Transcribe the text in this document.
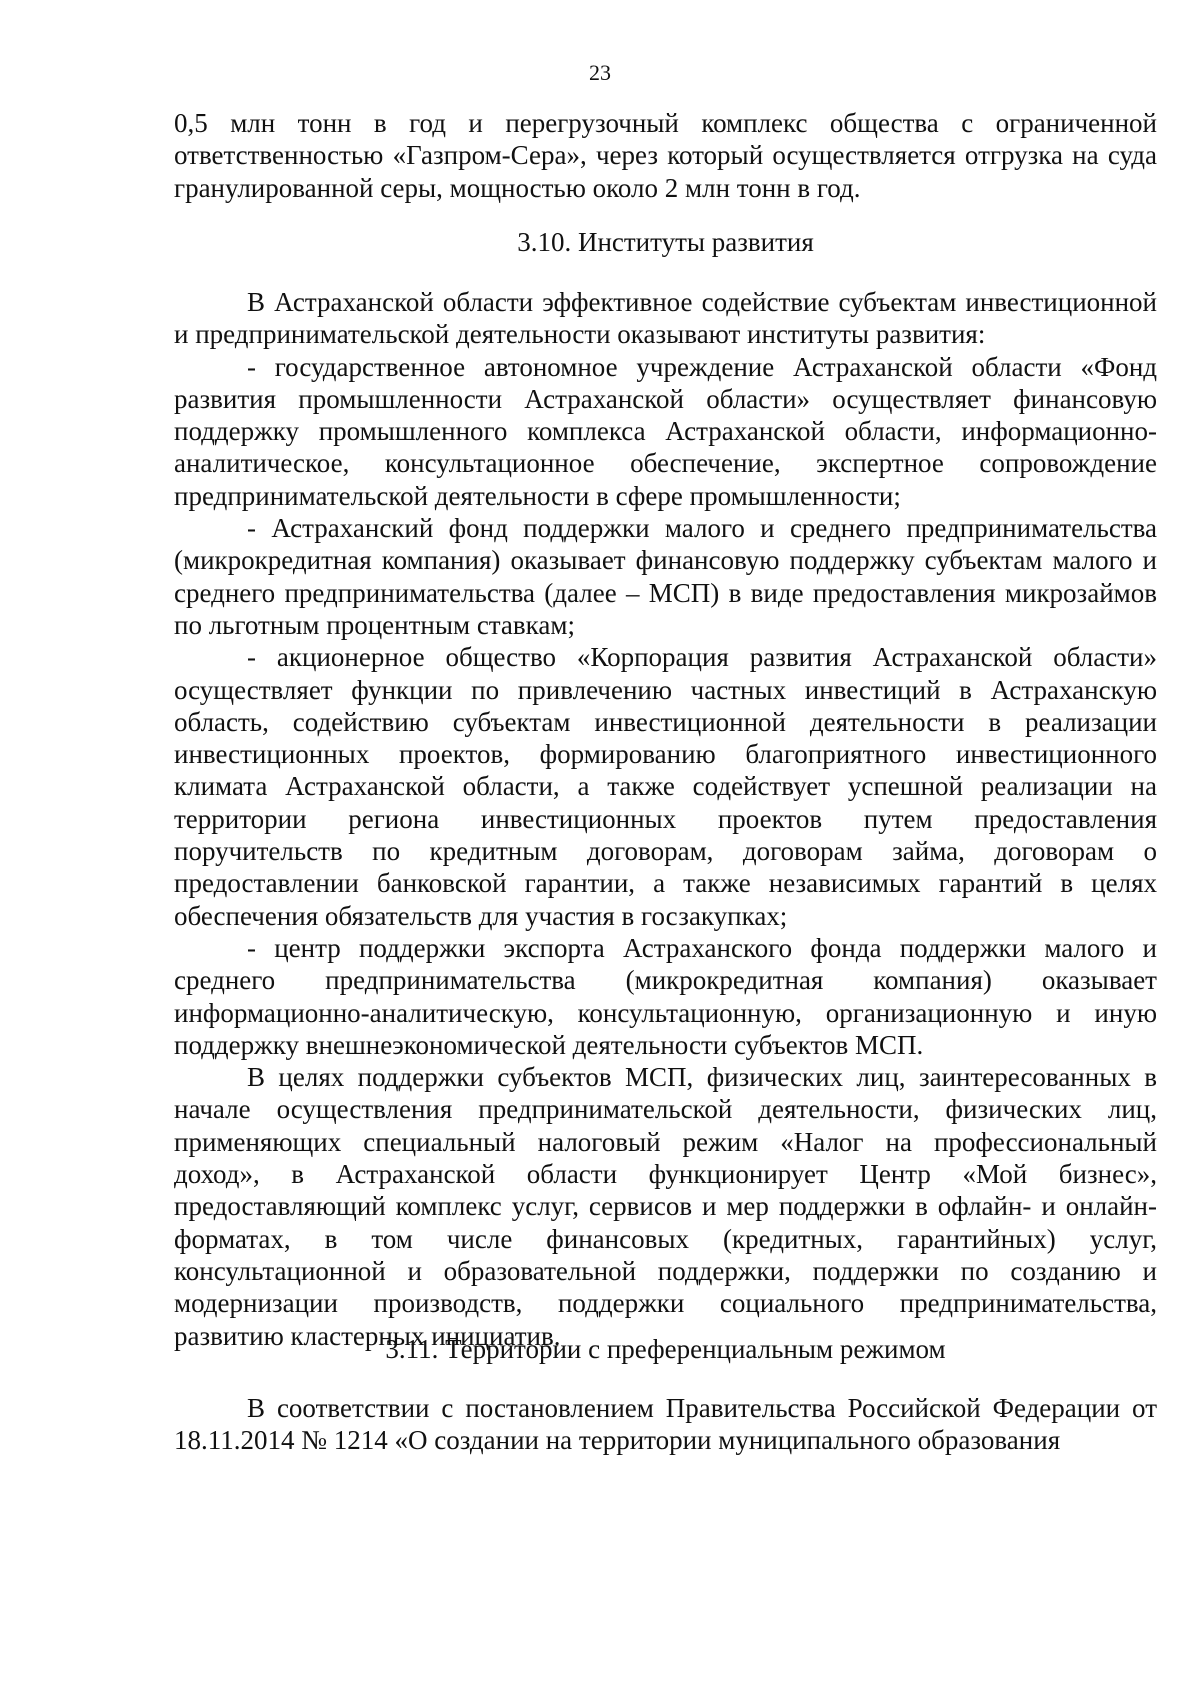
23

0,5 млн тонн в год и перегрузочный комплекс общества с ограниченной ответственностью «Газпром-Сера», через который осуществляется отгрузка на суда гранулированной серы, мощностью около 2 млн тонн в год.

3.10. Институты развития

В Астраханской области эффективное содействие субъектам инвестиционной и предпринимательской деятельности оказывают институты развития:

- государственное автономное учреждение Астраханской области «Фонд развития промышленности Астраханской области» осуществляет финансовую поддержку промышленного комплекса Астраханской области, информационно-аналитическое, консультационное обеспечение, экспертное сопровождение предпринимательской деятельности в сфере промышленности;

- Астраханский фонд поддержки малого и среднего предпринимательства (микрокредитная компания) оказывает финансовую поддержку субъектам малого и среднего предпринимательства (далее – МСП) в виде предоставления микрозаймов по льготным процентным ставкам;

- акционерное общество «Корпорация развития Астраханской области» осуществляет функции по привлечению частных инвестиций в Астраханскую область, содействию субъектам инвестиционной деятельности в реализации инвестиционных проектов, формированию благоприятного инвестиционного климата Астраханской области, а также содействует успешной реализации на территории региона инвестиционных проектов путем предоставления поручительств по кредитным договорам, договорам займа, договорам о предоставлении банковской гарантии, а также независимых гарантий в целях обеспечения обязательств для участия в госзакупках;

- центр поддержки экспорта Астраханского фонда поддержки малого и среднего предпринимательства (микрокредитная компания) оказывает информационно-аналитическую, консультационную, организационную и иную поддержку внешнеэкономической деятельности субъектов МСП.

В целях поддержки субъектов МСП, физических лиц, заинтересованных в начале осуществления предпринимательской деятельности, физических лиц, применяющих специальный налоговый режим «Налог на профессиональный доход», в Астраханской области функционирует Центр «Мой бизнес», предоставляющий комплекс услуг, сервисов и мер поддержки в офлайн- и онлайн-форматах, в том числе финансовых (кредитных, гарантийных) услуг, консультационной и образовательной поддержки, поддержки по созданию и модернизации производств, поддержки социального предпринимательства, развитию кластерных инициатив.

3.11. Территории с преференциальным режимом

В соответствии с постановлением Правительства Российской Федерации от 18.11.2014 № 1214 «О создании на территории муниципального образования
